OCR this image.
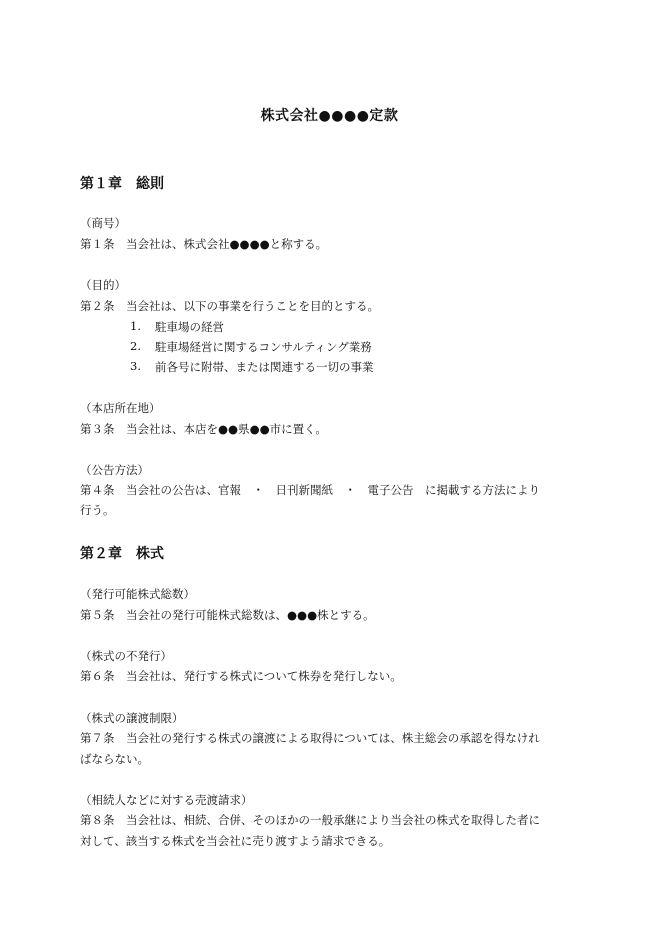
株式会社●●●●定款
第１章　総則
（商号）
第１条　当会社は、株式会社●●●●と称する。
（目的）
第２条　当会社は、以下の事業を行うことを目的とする。
1. 駐車場の経営
2. 駐車場経営に関するコンサルティング業務
3. 前各号に附帯、または関連する一切の事業
（本店所在地）
第３条　当会社は、本店を●●県●●市に置く。
（公告方法）
第４条　当会社の公告は、官報　・　日刊新聞紙　・　電子公告　に掲載する方法により
行う。
第２章　株式
（発行可能株式総数）
第５条　当会社の発行可能株式総数は、●●●株とする。
（株式の不発行）
第６条　当会社は、発行する株式について株券を発行しない。
（株式の譲渡制限）
第７条　当会社の発行する株式の譲渡による取得については、株主総会の承認を得なけれ
ばならない。
（相続人などに対する売渡請求）
第８条　当会社は、相続、合併、そのほかの一般承継により当会社の株式を取得した者に
対して、該当する株式を当会社に売り渡すよう請求できる。
